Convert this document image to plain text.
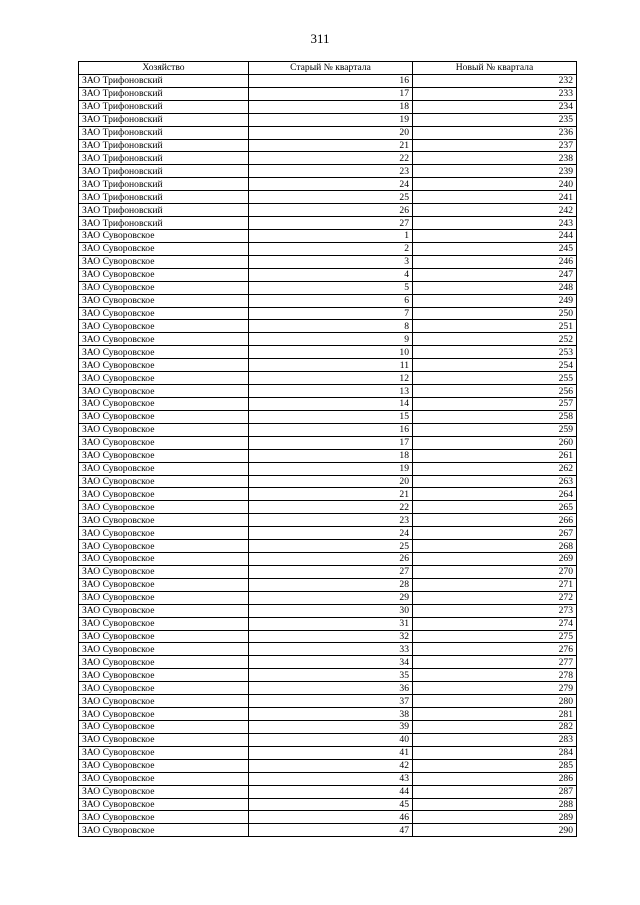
311
Хозяйство	Старый № квартала	Новый № квартала
ЗАО Трифоновский	16	232
ЗАО Трифоновский	17	233
ЗАО Трифоновский	18	234
ЗАО Трифоновский	19	235
ЗАО Трифоновский	20	236
ЗАО Трифоновский	21	237
ЗАО Трифоновский	22	238
ЗАО Трифоновский	23	239
ЗАО Трифоновский	24	240
ЗАО Трифоновский	25	241
ЗАО Трифоновский	26	242
ЗАО Трифоновский	27	243
ЗАО Суворовское	1	244
ЗАО Суворовское	2	245
ЗАО Суворовское	3	246
ЗАО Суворовское	4	247
ЗАО Суворовское	5	248
ЗАО Суворовское	6	249
ЗАО Суворовское	7	250
ЗАО Суворовское	8	251
ЗАО Суворовское	9	252
ЗАО Суворовское	10	253
ЗАО Суворовское	11	254
ЗАО Суворовское	12	255
ЗАО Суворовское	13	256
ЗАО Суворовское	14	257
ЗАО Суворовское	15	258
ЗАО Суворовское	16	259
ЗАО Суворовское	17	260
ЗАО Суворовское	18	261
ЗАО Суворовское	19	262
ЗАО Суворовское	20	263
ЗАО Суворовское	21	264
ЗАО Суворовское	22	265
ЗАО Суворовское	23	266
ЗАО Суворовское	24	267
ЗАО Суворовское	25	268
ЗАО Суворовское	26	269
ЗАО Суворовское	27	270
ЗАО Суворовское	28	271
ЗАО Суворовское	29	272
ЗАО Суворовское	30	273
ЗАО Суворовское	31	274
ЗАО Суворовское	32	275
ЗАО Суворовское	33	276
ЗАО Суворовское	34	277
ЗАО Суворовское	35	278
ЗАО Суворовское	36	279
ЗАО Суворовское	37	280
ЗАО Суворовское	38	281
ЗАО Суворовское	39	282
ЗАО Суворовское	40	283
ЗАО Суворовское	41	284
ЗАО Суворовское	42	285
ЗАО Суворовское	43	286
ЗАО Суворовское	44	287
ЗАО Суворовское	45	288
ЗАО Суворовское	46	289
ЗАО Суворовское	47	290
